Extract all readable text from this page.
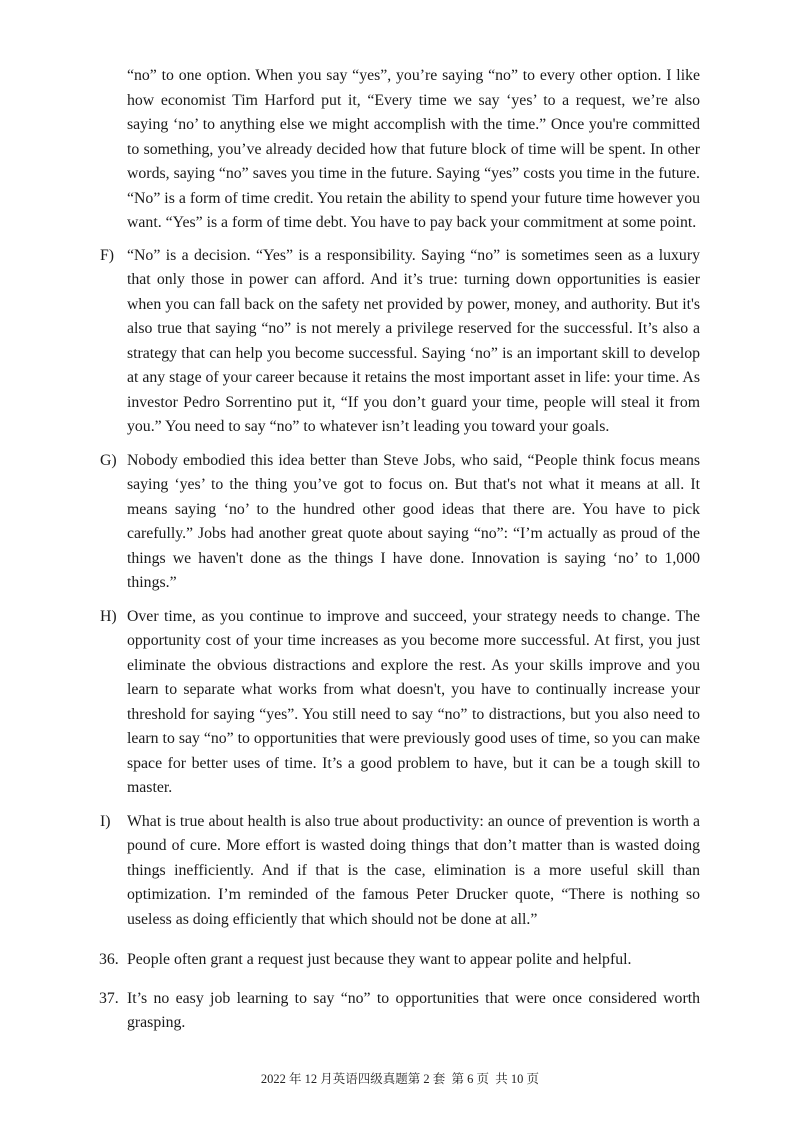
“no” to one option. When you say “yes”, you’re saying “no” to every other option. I like how economist Tim Harford put it, “Every time we say ‘yes’ to a request, we’re also saying ‘no’ to anything else we might accomplish with the time.” Once you're committed to something, you’ve already decided how that future block of time will be spent. In other words, saying “no” saves you time in the future. Saying “yes” costs you time in the future. “No” is a form of time credit. You retain the ability to spend your future time however you want. “Yes” is a form of time debt. You have to pay back your commitment at some point.

F) “No” is a decision. “Yes” is a responsibility. Saying “no” is sometimes seen as a luxury that only those in power can afford. And it’s true: turning down opportunities is easier when you can fall back on the safety net provided by power, money, and authority. But it's also true that saying “no” is not merely a privilege reserved for the successful. It’s also a strategy that can help you become successful. Saying ‘no” is an important skill to develop at any stage of your career because it retains the most important asset in life: your time. As investor Pedro Sorrentino put it, “If you don’t guard your time, people will steal it from you.” You need to say “no” to whatever isn’t leading you toward your goals.

G) Nobody embodied this idea better than Steve Jobs, who said, “People think focus means saying ‘yes’ to the thing you’ve got to focus on. But that's not what it means at all. It means saying ‘no’ to the hundred other good ideas that there are. You have to pick carefully.” Jobs had another great quote about saying “no”: “I’m actually as proud of the things we haven't done as the things I have done. Innovation is saying ‘no’ to 1,000 things.”

H) Over time, as you continue to improve and succeed, your strategy needs to change. The opportunity cost of your time increases as you become more successful. At first, you just eliminate the obvious distractions and explore the rest. As your skills improve and you learn to separate what works from what doesn't, you have to continually increase your threshold for saying “yes”. You still need to say “no” to distractions, but you also need to learn to say “no” to opportunities that were previously good uses of time, so you can make space for better uses of time. It’s a good problem to have, but it can be a tough skill to master.

I) What is true about health is also true about productivity: an ounce of prevention is worth a pound of cure. More effort is wasted doing things that don’t matter than is wasted doing things inefficiently. And if that is the case, elimination is a more useful skill than optimization. I’m reminded of the famous Peter Drucker quote, “There is nothing so useless as doing efficiently that which should not be done at all.”

36. People often grant a request just because they want to appear polite and helpful.

37. It’s no easy job learning to say “no” to opportunities that were once considered worth grasping.

2022 年 12 月英语四级真题第 2 套  第 6 页  共 10 页
